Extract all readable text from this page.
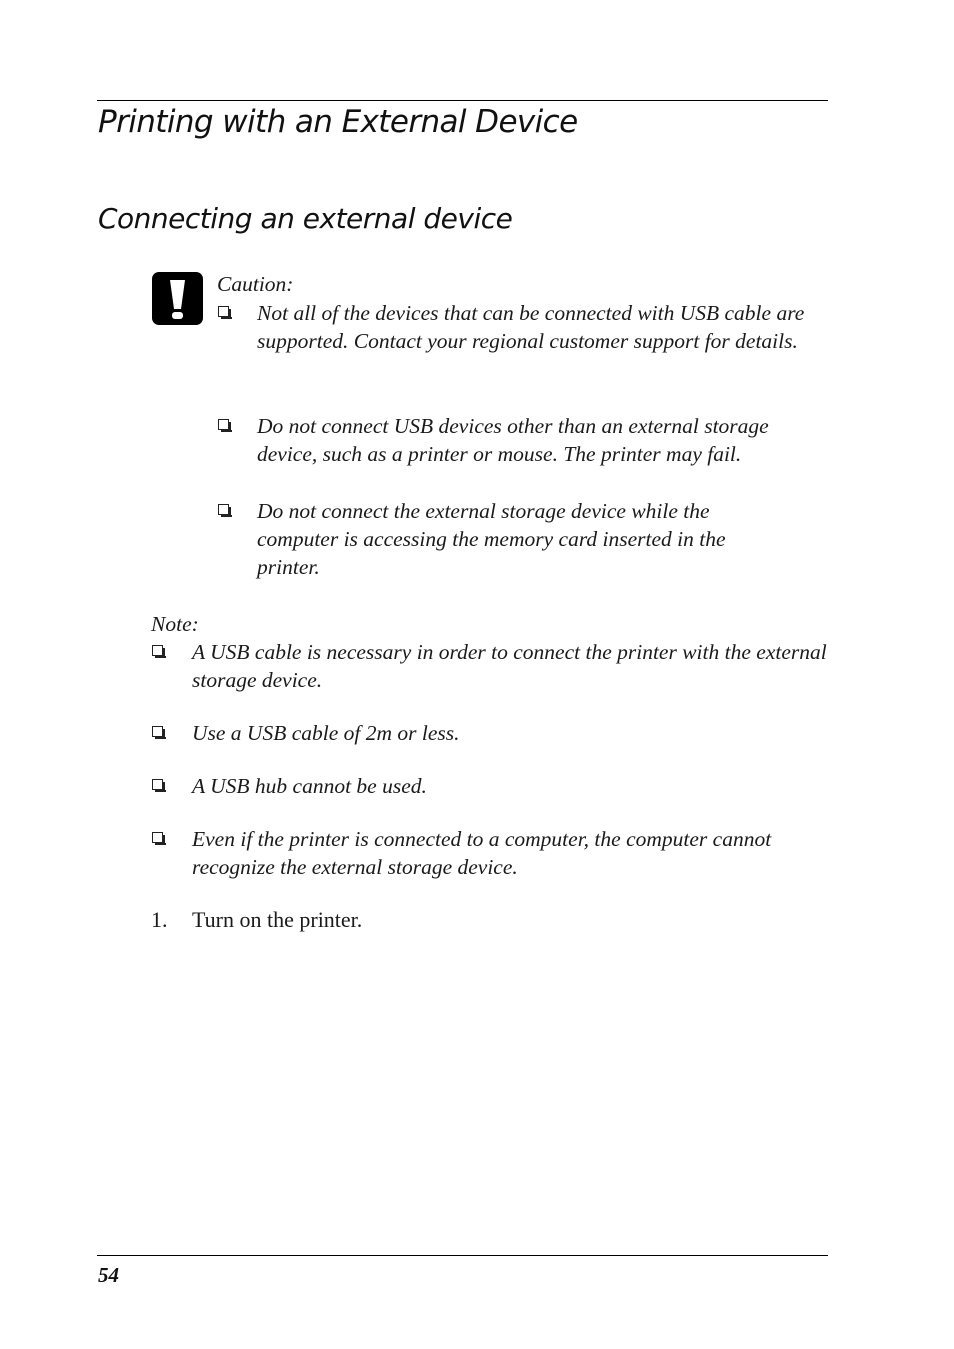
Printing with an External Device
Connecting an external device
Caution:

Not all of the devices that can be connected with USB cable are supported. Contact your regional customer support for details.

Do not connect USB devices other than an external storage device, such as a printer or mouse. The printer may fail.

Do not connect the external storage device while the computer is accessing the memory card inserted in the printer.

Note:

A USB cable is necessary in order to connect the printer with the external storage device.

Use a USB cable of 2m or less.

A USB hub cannot be used.

Even if the printer is connected to a computer, the computer cannot recognize the external storage device.

1. Turn on the printer.
54
